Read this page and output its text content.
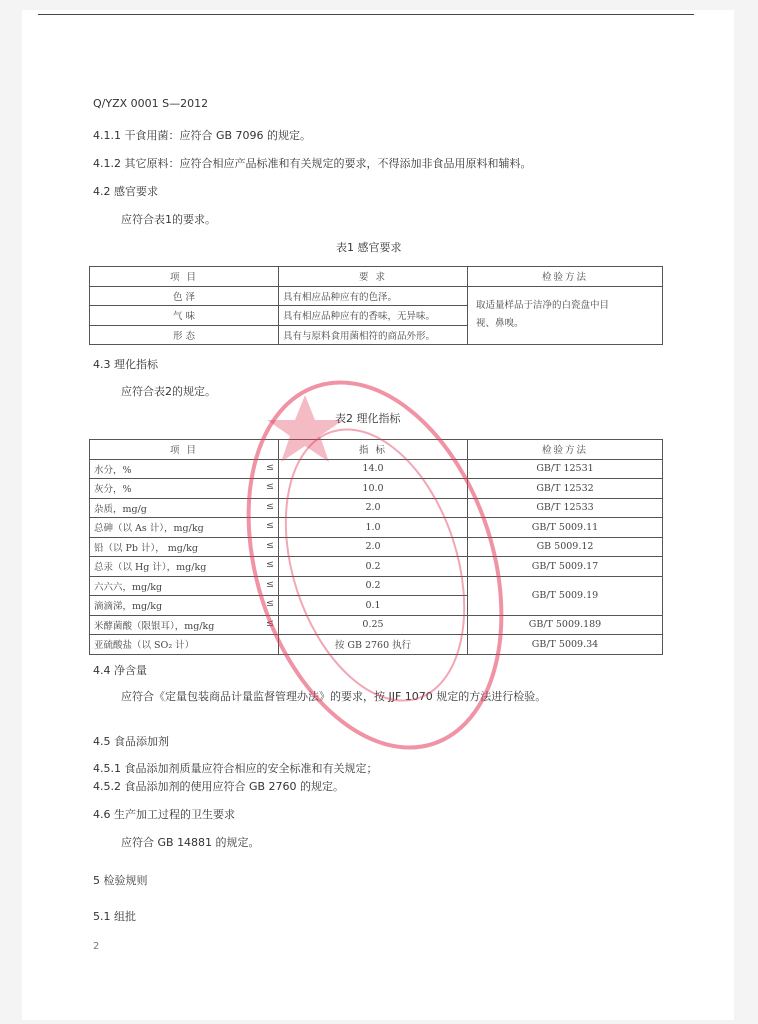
Q/YZX 0001 S—2012
4.1.1 干食用菌：应符合 GB 7096 的规定。
4.1.2 其它原料：应符合相应产品标准和有关规定的要求，不得添加非食品用原料和辅料。
4.2 感官要求
应符合表1的要求。
表1 感官要求
项 目	要 求	检验方法
色 泽	具有相应品种应有的色泽。	取适量样品于洁净的白瓷盘中目
视、鼻嗅。

气 味	具有相应品种应有的香味，无异味。	
形 态	具有与原料食用菌相符的商品外形。	
4.3 理化指标
应符合表2的规定。
表2 理化指标
项 目	指 标	检验方法
水分，% ≤	14.0	GB/T 12531
灰分，% ≤	10.0	GB/T 12532
杂质，mg/g ≤	2.0	GB/T 12533
总砷（以 As 计），mg/kg ≤	1.0	GB/T 5009.11
铅（以 Pb 计）， mg/kg ≤	2.0	GB 5009.12
总汞（以 Hg 计），mg/kg ≤	0.2	GB/T 5009.17
六六六，mg/kg ≤	0.2	GB/T 5009.19
滴滴涕，mg/kg ≤	0.1	
米酵菌酸（限银耳），mg/kg ≤	0.25	GB/T 5009.189
亚硫酸盐（以 SO₂ 计）	按 GB 2760 执行	GB/T 5009.34
4.4 净含量
应符合《定量包装商品计量监督管理办法》的要求，按 JJF 1070 规定的方法进行检验。
4.5 食品添加剂
4.5.1 食品添加剂质量应符合相应的安全标准和有关规定；
4.5.2 食品添加剂的使用应符合 GB 2760 的规定。
4.6 生产加工过程的卫生要求
应符合 GB 14881 的规定。
5 检验规则
5.1 组批
2
